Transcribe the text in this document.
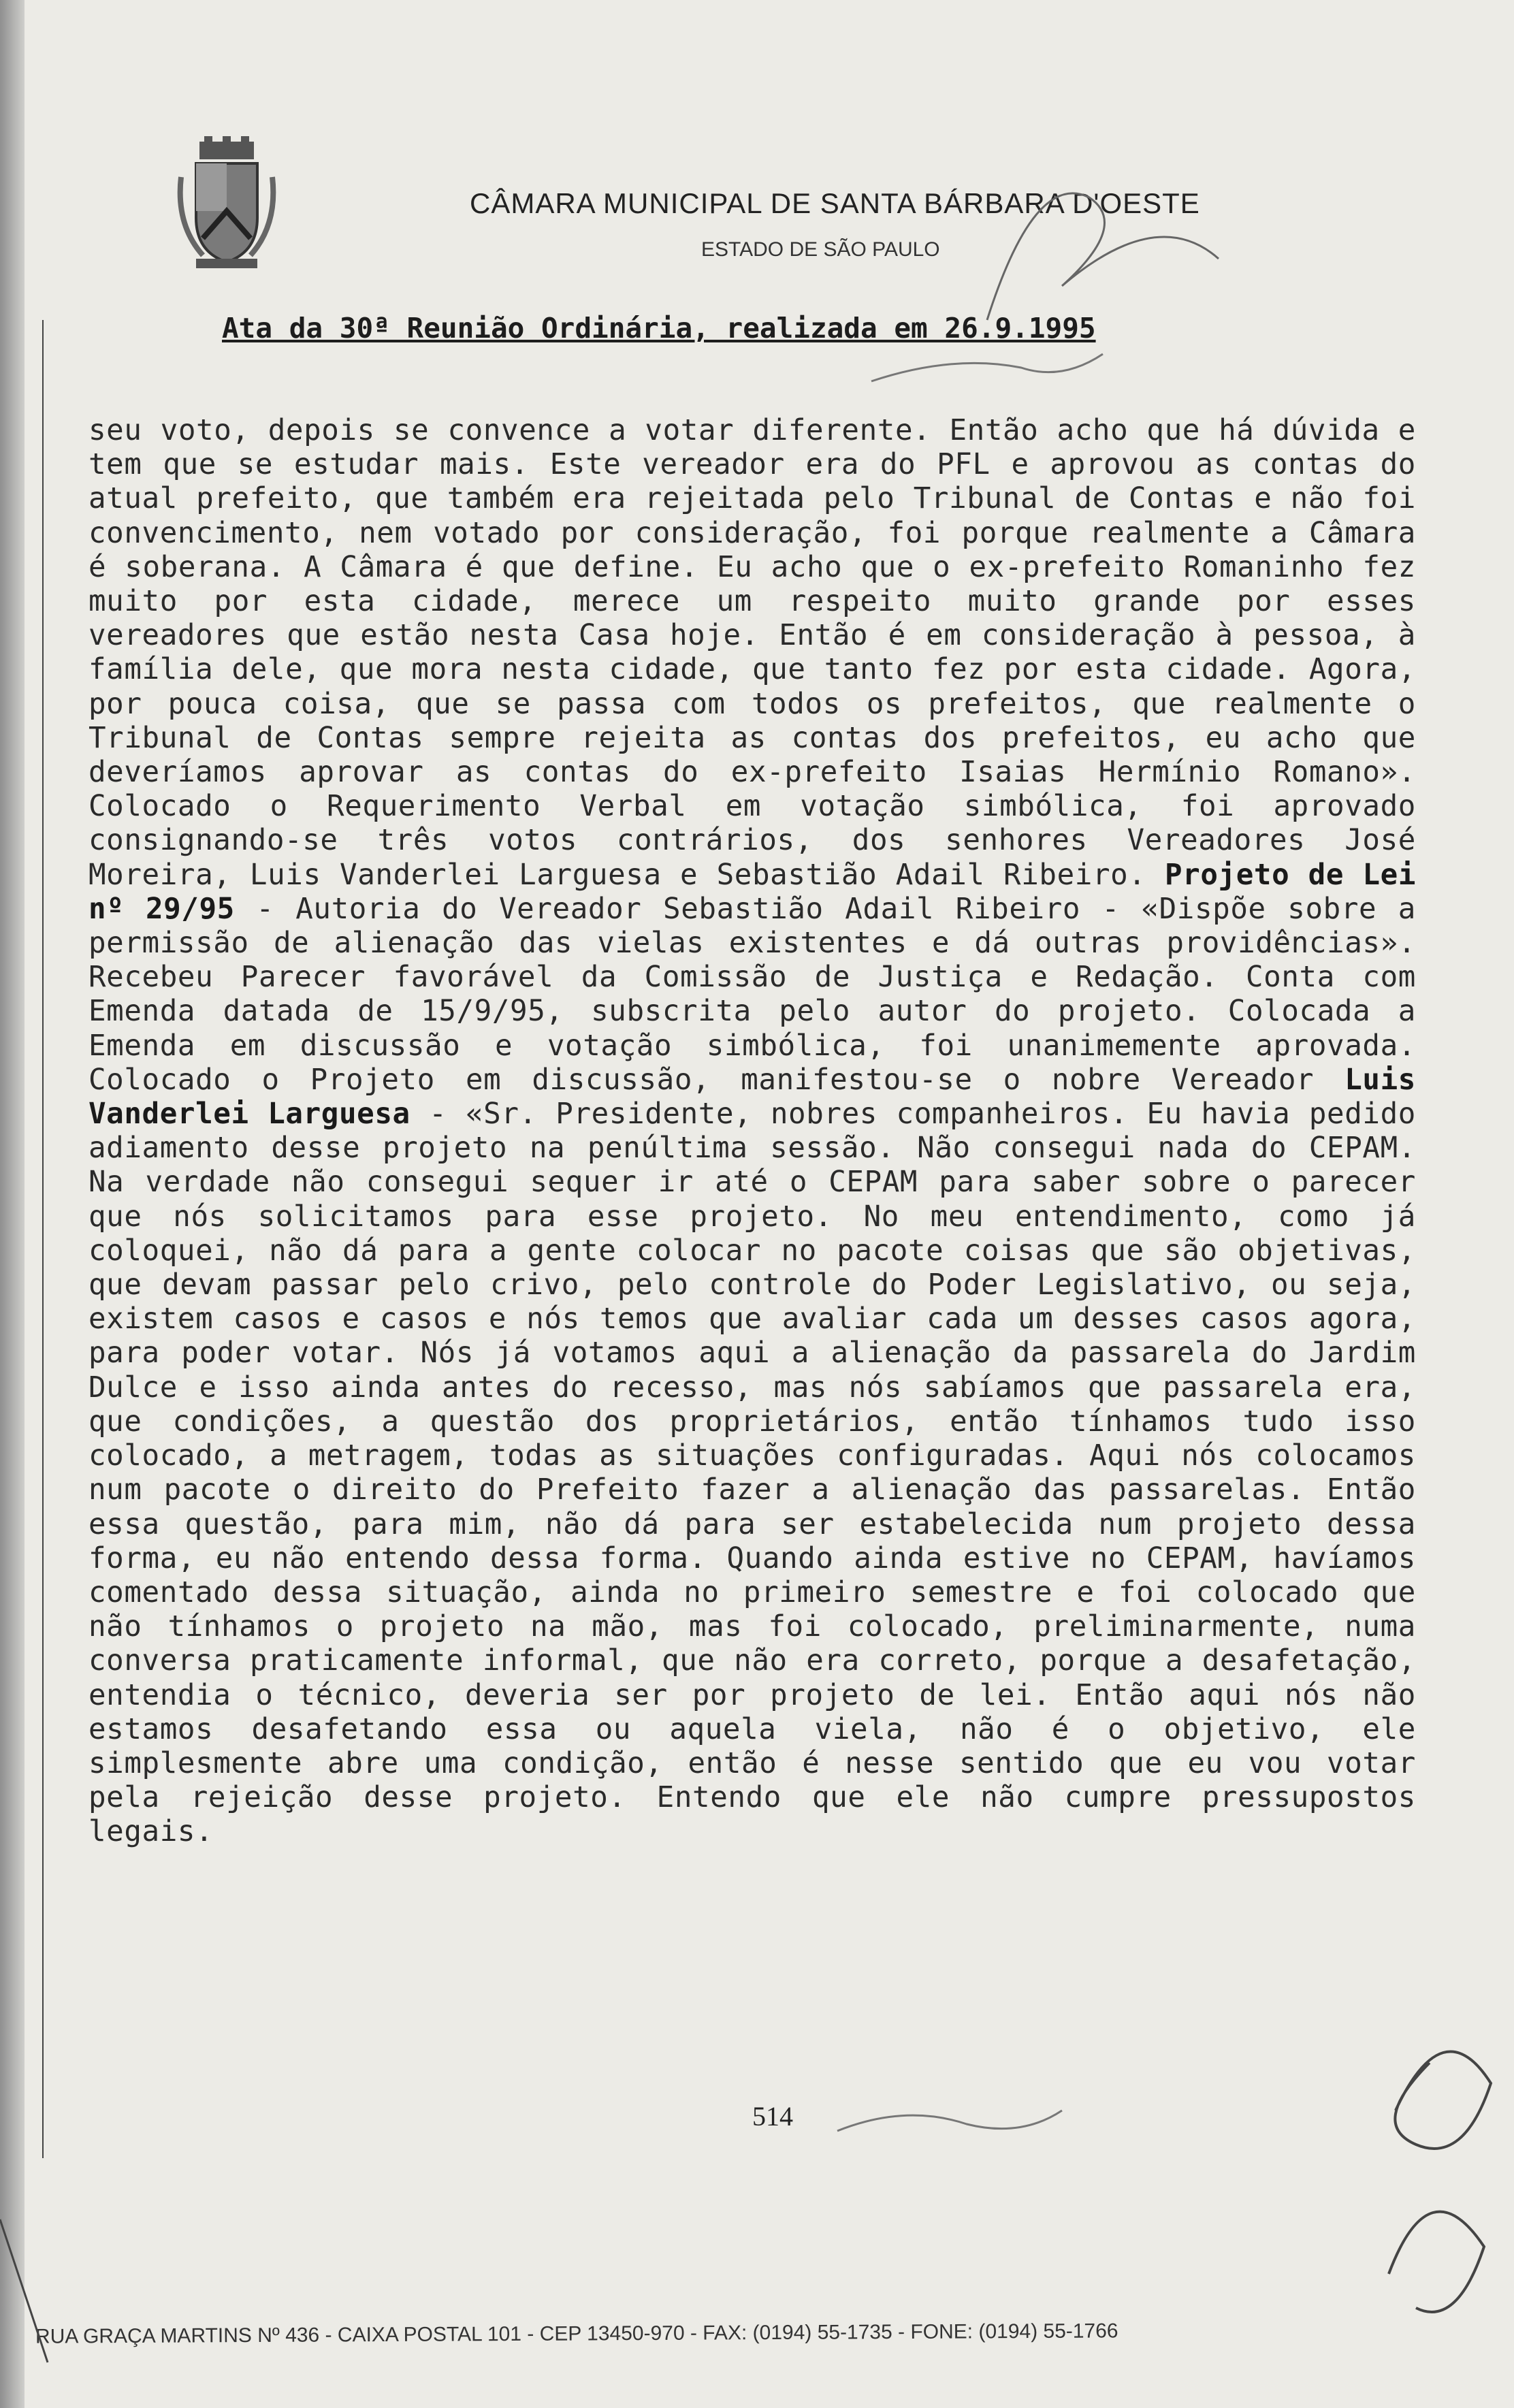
CÂMARA MUNICIPAL DE SANTA BÁRBARA D'OESTE
ESTADO DE SÃO PAULO
Ata da 30ª Reunião Ordinária, realizada em 26.9.1995

seu voto, depois se convence a votar diferente. Então acho que há dúvida e tem que se estudar mais. Este vereador era do PFL e aprovou as contas do atual prefeito, que também era rejeitada pelo Tribunal de Contas e não foi convencimento, nem votado por consideração, foi porque realmente a Câmara é soberana. A Câmara é que define. Eu acho que o ex-prefeito Romaninho fez muito por esta cidade, merece um respeito muito grande por esses vereadores que estão nesta Casa hoje. Então é em consideração à pessoa, à família dele, que mora nesta cidade, que tanto fez por esta cidade. Agora, por pouca coisa, que se passa com todos os prefeitos, que realmente o Tribunal de Contas sempre rejeita as contas dos prefeitos, eu acho que deveríamos aprovar as contas do ex-prefeito Isaias Hermínio Romano». Colocado o Requerimento Verbal em votação simbólica, foi aprovado consignando-se três votos contrários, dos senhores Vereadores José Moreira, Luis Vanderlei Larguesa e Sebastião Adail Ribeiro. Projeto de Lei nº 29/95 - Autoria do Vereador Sebastião Adail Ribeiro - «Dispõe sobre a permissão de alienação das vielas existentes e dá outras providências». Recebeu Parecer favorável da Comissão de Justiça e Redação. Conta com Emenda datada de 15/9/95, subscrita pelo autor do projeto. Colocada a Emenda em discussão e votação simbólica, foi unanimemente aprovada. Colocado o Projeto em discussão, manifestou-se o nobre Vereador Luis Vanderlei Larguesa - «Sr. Presidente, nobres companheiros. Eu havia pedido adiamento desse projeto na penúltima sessão. Não consegui nada do CEPAM. Na verdade não consegui sequer ir até o CEPAM para saber sobre o parecer que nós solicitamos para esse projeto. No meu entendimento, como já coloquei, não dá para a gente colocar no pacote coisas que são objetivas, que devam passar pelo crivo, pelo controle do Poder Legislativo, ou seja, existem casos e casos e nós temos que avaliar cada um desses casos agora, para poder votar. Nós já votamos aqui a alienação da passarela do Jardim Dulce e isso ainda antes do recesso, mas nós sabíamos que passarela era, que condições, a questão dos proprietários, então tínhamos tudo isso colocado, a metragem, todas as situações configuradas. Aqui nós colocamos num pacote o direito do Prefeito fazer a alienação das passarelas. Então essa questão, para mim, não dá para ser estabelecida num projeto dessa forma, eu não entendo dessa forma. Quando ainda estive no CEPAM, havíamos comentado dessa situação, ainda no primeiro semestre e foi colocado que não tínhamos o projeto na mão, mas foi colocado, preliminarmente, numa conversa praticamente informal, que não era correto, porque a desafetação, entendia o técnico, deveria ser por projeto de lei. Então aqui nós não estamos desafetando essa ou aquela viela, não é o objetivo, ele simplesmente abre uma condição, então é nesse sentido que eu vou votar pela rejeição desse projeto. Entendo que ele não cumpre pressupostos legais.

514
RUA GRAÇA MARTINS Nº 436 - CAIXA POSTAL 101 - CEP 13450-970 - FAX: (0194) 55-1735 - FONE: (0194) 55-1766
